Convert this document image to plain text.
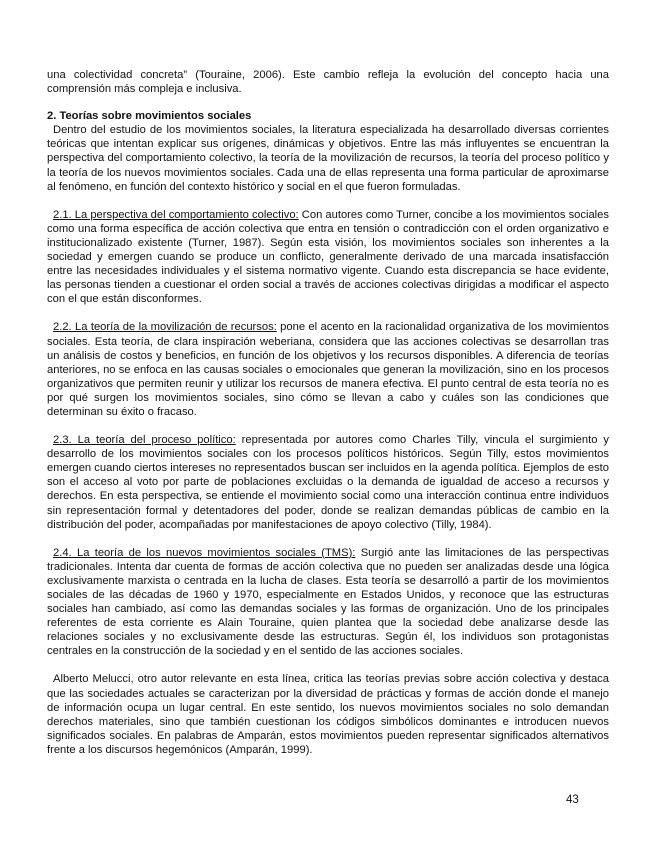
una colectividad concreta” (Touraine, 2006). Este cambio refleja la evolución del concepto hacia una comprensión más compleja e inclusiva.

2. Teorías sobre movimientos sociales

Dentro del estudio de los movimientos sociales, la literatura especializada ha desarrollado diversas corrientes teóricas que intentan explicar sus orígenes, dinámicas y objetivos. Entre las más influyentes se encuentran la perspectiva del comportamiento colectivo, la teoría de la movilización de recursos, la teoría del proceso político y la teoría de los nuevos movimientos sociales. Cada una de ellas representa una forma particular de aproximarse al fenómeno, en función del contexto histórico y social en el que fueron formuladas.

2.1. La perspectiva del comportamiento colectivo: Con autores como Turner, concibe a los movimientos sociales como una forma específica de acción colectiva que entra en tensión o contradicción con el orden organizativo e institucionalizado existente (Turner, 1987). Según esta visión, los movimientos sociales son inherentes a la sociedad y emergen cuando se produce un conflicto, generalmente derivado de una marcada insatisfacción entre las necesidades individuales y el sistema normativo vigente. Cuando esta discrepancia se hace evidente, las personas tienden a cuestionar el orden social a través de acciones colectivas dirigidas a modificar el aspecto con el que están disconformes.

2.2. La teoría de la movilización de recursos: pone el acento en la racionalidad organizativa de los movimientos sociales. Esta teoría, de clara inspiración weberiana, considera que las acciones colectivas se desarrollan tras un análisis de costos y beneficios, en función de los objetivos y los recursos disponibles. A diferencia de teorías anteriores, no se enfoca en las causas sociales o emocionales que generan la movilización, sino en los procesos organizativos que permiten reunir y utilizar los recursos de manera efectiva. El punto central de esta teoría no es por qué surgen los movimientos sociales, sino cómo se llevan a cabo y cuáles son las condiciones que determinan su éxito o fracaso.

2.3. La teoría del proceso político: representada por autores como Charles Tilly, vincula el surgimiento y desarrollo de los movimientos sociales con los procesos políticos históricos. Según Tilly, estos movimientos emergen cuando ciertos intereses no representados buscan ser incluidos en la agenda política. Ejemplos de esto son el acceso al voto por parte de poblaciones excluidas o la demanda de igualdad de acceso a recursos y derechos. En esta perspectiva, se entiende el movimiento social como una interacción continua entre individuos sin representación formal y detentadores del poder, donde se realizan demandas públicas de cambio en la distribución del poder, acompañadas por manifestaciones de apoyo colectivo (Tilly, 1984).

2.4. La teoría de los nuevos movimientos sociales (TMS): Surgió ante las limitaciones de las perspectivas tradicionales. Intenta dar cuenta de formas de acción colectiva que no pueden ser analizadas desde una lógica exclusivamente marxista o centrada en la lucha de clases. Esta teoría se desarrolló a partir de los movimientos sociales de las décadas de 1960 y 1970, especialmente en Estados Unidos, y reconoce que las estructuras sociales han cambiado, así como las demandas sociales y las formas de organización. Uno de los principales referentes de esta corriente es Alain Touraine, quien plantea que la sociedad debe analizarse desde las relaciones sociales y no exclusivamente desde las estructuras. Según él, los individuos son protagonistas centrales en la construcción de la sociedad y en el sentido de las acciones sociales.

Alberto Melucci, otro autor relevante en esta línea, critica las teorías previas sobre acción colectiva y destaca que las sociedades actuales se caracterizan por la diversidad de prácticas y formas de acción donde el manejo de información ocupa un lugar central. En este sentido, los nuevos movimientos sociales no solo demandan derechos materiales, sino que también cuestionan los códigos simbólicos dominantes e introducen nuevos significados sociales. En palabras de Amparán, estos movimientos pueden representar significados alternativos frente a los discursos hegemónicos (Amparán, 1999).

43
